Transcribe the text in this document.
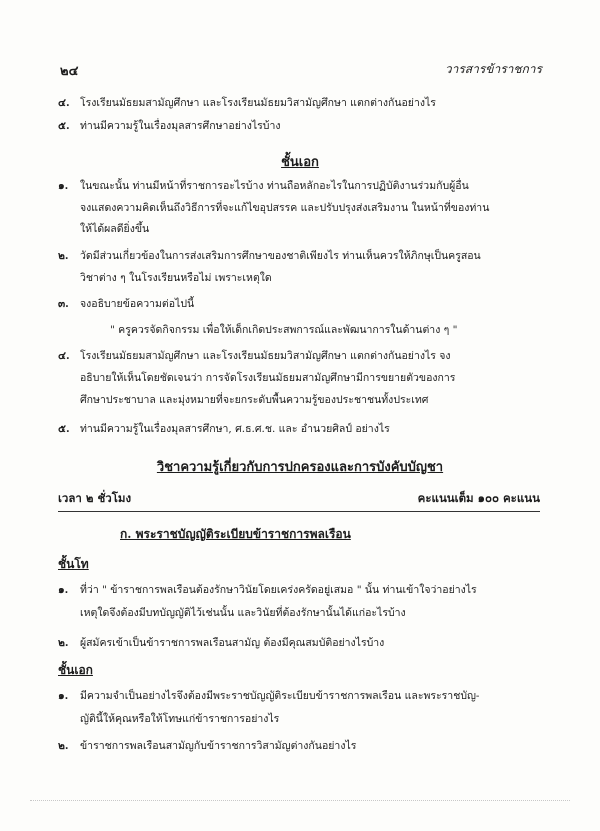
๒๔	วารสารข้าราชการ
๔. โรงเรียนมัธยมสามัญศึกษา และโรงเรียนมัธยมวิสามัญศึกษา แตกต่างกันอย่างไร
๕. ท่านมีความรู้ในเรื่องมุลสารศึกษาอย่างไรบ้าง
ชั้นเอก
๑. ในขณะนั้น ท่านมีหน้าที่ราชการอะไรบ้าง ท่านถือหลักอะไรในการปฏิบัติงานร่วมกับผู้อื่น
จงแสดงความคิดเห็นถึงวิธีการที่จะแก้ไขอุปสรรค และปรับปรุงส่งเสริมงาน ในหน้าที่ของท่าน
ให้ได้ผลดียิ่งขึ้น
๒. วัดมีส่วนเกี่ยวข้องในการส่งเสริมการศึกษาของชาติเพียงไร ท่านเห็นควรให้ภิกษุเป็นครูสอน
วิชาต่าง ๆ ในโรงเรียนหรือไม่ เพราะเหตุใด
๓. จงอธิบายข้อความต่อไปนี้
" ครูควรจัดกิจกรรม เพื่อให้เด็กเกิดประสพการณ์และพัฒนาการในด้านต่าง ๆ "
๔. โรงเรียนมัธยมสามัญศึกษา และโรงเรียนมัธยมวิสามัญศึกษา แตกต่างกันอย่างไร จง
อธิบายให้เห็นโดยชัดเจนว่า การจัดโรงเรียนมัธยมสามัญศึกษามีการขยายตัวของการ
ศึกษาประชาบาล และมุ่งหมายที่จะยกระดับพื้นความรู้ของประชาชนทั้งประเทศ
๕. ท่านมีความรู้ในเรื่องมุลสารศึกษา, ศ.ธ.ศ.ช. และ อำนวยศิลป์ อย่างไร
วิชาความรู้เกี่ยวกับการปกครองและการบังคับบัญชา
เวลา ๒ ชั่วโมง	คะแนนเต็ม ๑๐๐ คะแนน
ก. พระราชบัญญัติระเบียบข้าราชการพลเรือน
ชั้นโท
๑. ที่ว่า " ข้าราชการพลเรือนต้องรักษาวินัยโดยเคร่งครัดอยู่เสมอ " นั้น ท่านเข้าใจว่าอย่างไร
เหตุใดจึงต้องมีบทบัญญัติไว้เช่นนั้น และวินัยที่ต้องรักษานั้นได้แก่อะไรบ้าง
๒. ผู้สมัครเข้าเป็นข้าราชการพลเรือนสามัญ ต้องมีคุณสมบัติอย่างไรบ้าง
ชั้นเอก
๑. มีความจำเป็นอย่างไรจึงต้องมีพระราชบัญญัติระเบียบข้าราชการพลเรือน และพระราชบัญ-
ญัตินี้ให้คุณหรือให้โทษแก่ข้าราชการอย่างไร
๒. ข้าราชการพลเรือนสามัญกับข้าราชการวิสามัญต่างกันอย่างไร
